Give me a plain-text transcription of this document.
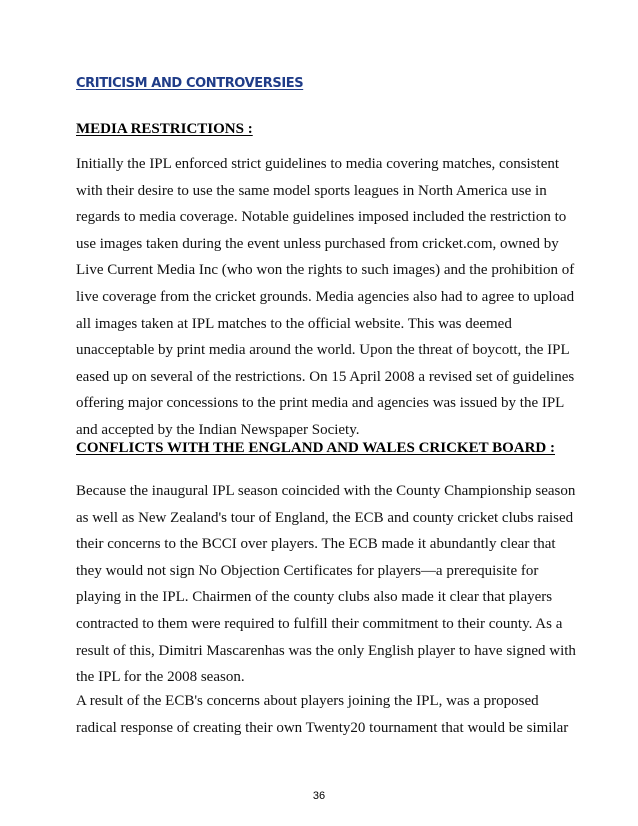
CRITICISM AND CONTROVERSIES
MEDIA RESTRICTIONS :

Initially the IPL enforced strict guidelines to media covering matches, consistent
with their desire to use the same model sports leagues in North America use in
regards to media coverage. Notable guidelines imposed included the restriction to
use images taken during the event unless purchased from cricket.com, owned by
Live Current Media Inc (who won the rights to such images) and the prohibition of
live coverage from the cricket grounds. Media agencies also had to agree to upload
all images taken at IPL matches to the official website. This was deemed
unacceptable by print media around the world. Upon the threat of boycott, the IPL
eased up on several of the restrictions. On 15 April 2008 a revised set of guidelines
offering major concessions to the print media and agencies was issued by the IPL
and accepted by the Indian Newspaper Society.

CONFLICTS WITH THE ENGLAND AND WALES CRICKET BOARD :

Because the inaugural IPL season coincided with the County Championship season
as well as New Zealand's tour of England, the ECB and county cricket clubs raised
their concerns to the BCCI over players. The ECB made it abundantly clear that
they would not sign No Objection Certificates for players—a prerequisite for
playing in the IPL. Chairmen of the county clubs also made it clear that players
contracted to them were required to fulfill their commitment to their county. As a
result of this, Dimitri Mascarenhas was the only English player to have signed with
the IPL for the 2008 season.

A result of the ECB's concerns about players joining the IPL, was a proposed
radical response of creating their own Twenty20 tournament that would be similar

36
